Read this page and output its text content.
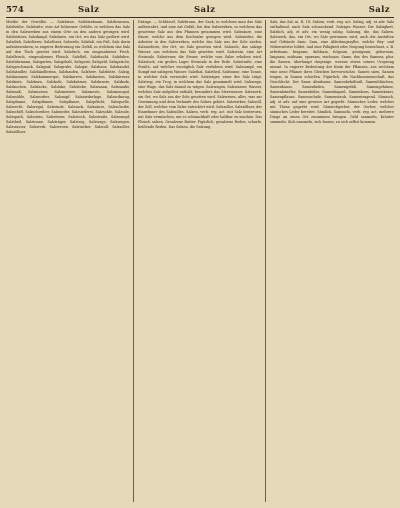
574	Salz	Salz	Salz
Miethe der Gewölbe. — Salzbirne, Salzbirnbaum, Salzbrunnen, Salzbrühe, Salzbutte, eine Art hölzerner Gefäße, in welchen das Salz in den Salzwerken aus einem Orte an den andern getragen wird. Salzbüttner, Salzdampf, Salzdarre, ein Ort, wo das Salz gedörrt wird. Salzdieb, Salzdörrer, Salzdünst, Salzerde, Salzfaß, ein Faß, Salz darin aufzubewahren; in engerer Bedeutung ein Gefäß, in welchem das Salz auf den Tisch gesetzt wird. Salzfisch, ein eingesalzener Fisch. Salzfleisch, eingesalzenes Fleisch. Salzfluß, Salzfracht, Salzfuhre, Salzfuhrmann, Salzgarten, Salzgehalt, Salzgeist, Salzgeld, Salzgericht, Salzgeschmack, Salzgraf, Salzgrube, Salzgut, Salzhaus, Salzhandel, Salzhändler, Salzhändlerinn, Salzhaufen, Salzherr, Salzhütte, Salzig, Salzkammer, Salzkammergut, Salzkarren, Salzkasten, Salzkärrner, Salzkiste, Salzkorn, Salzkoth, Salzkrämer, Salzkruste, Salzkufe, Salzkuchen, Salzlacke, Salzlake, Salzlecke, Salzmann, Salzmarkt, Salzmaß, Salzmesser, Salzmeister, Salzmeste, Salzmonopol, Salzmühle, Salzmutter, Salznapf, Salzniederlage, Salzordnung, Salzpfanne, Salzpfänner, Salzpflanze, Salzpflicht, Salzquelle, Salzrecht, Salzregal, Salzrinde, Salzsack, Salzsäure, Salzscheibe, Salzschiff, Salzschreiber, Salzsieder, Salzsiederei, Salzsohle, Salzsole, Salzspath, Salzstein, Salzsteuer, Salzstock, Salzstraße, Salzsumpf, Salztheil, Salztonne, Salzträger, Salztrog, Salzwage, Salzwagen, Salzwasser, Salzwerk, Salzwesen, Salzwirker, Salzzoll, Salzzoller, Salzzöllner.
Dränge. — Schlüssel, Salzbrunn, der Sack, in welchem man das Salz aufbewahrt, und eine Art Gefäß, bei den Salzwerken, in welchem das gesottene Salz aus den Pfannen genommen wird. Salzsäure, eine Säure, welche aus dem Kochsalze gezogen wird. Salzsieder, die Arbeiter in den Salzwerken, welche das Salz aus der Sole sieden. Salzsiederei, der Ort, wo Salz gesotten wird. Salzsole, das salzige Wasser, aus welchem das Salz gesotten wird. Salzstein, eine Art Steinsalz. Salzsteuer, die Steuer, welche vom Salze erhoben wird. Salzstock, ein großes Lager Steinsalz in der Erde. Salzstraße, eine Straße, auf welcher vorzüglich Salz verfahren wird. Salzsumpf, ein Sumpf mit salzigem Wasser. Salzthal, Salztheil, Salztonne, eine Tonne, in welcher Salz versendet wird. Salzträger, einer der Salz trägt. Salztrog, ein Trog, in welchem das Salz gesammelt wird. Salzwage, eine Wage, das Salz darauf zu wägen. Salzwagen, Salzwasser, Wasser, welches Salz aufgelöst enthält; besonders das Meerwasser. Salzwerk, ein Ort, wo Salz aus der Sole gesotten wird. Salzwesen, alles, was zur Gewinnung und dem Verkaufe des Salzes gehört. Salzwirker, Salzzoll, der Zoll, welcher vom Salze entrichtet wird. Salzzoller, Salzzöllner, der Einnehmer des Salzzolles. Salzen, verb. reg. act. mit Salz bestreuen, mit Salz vermischen, um es schmackhaft oder haltbar zu machen. Das Fleisch salzen. Gesalzene Butter. Figürlich, gesalzene Reden, scharfe, beißende Reden. Das Salzen, die Salzung.
Salz, das Sal, m. R. 18. Salzen, verb. reg. act. Salzig, adj. et adv. Salz enthaltend, nach Salz schmeckend. Salziges Wasser. Die Salzigkeit. Salzlich, adj. et adv. ein wenig salzig. Salzung, die, das Salzen. Salzwerk, das, ein Ort, wo Salz gewonnen wird; auch die Anstalten und Gebäude dazu. Sam, eine Ableitungssylbe, welche Bey- und Nebenwörter bildet, und eine Fähigkeit oder Neigung bezeichnet, z. B. arbeitsam, biegsam, duldsam, folgsam, genügsam, gehorsam, langsam, mühsam, sparsam, wachsam. Same, der, des Samens, plur. die Samen, überhaupt dasjenige, woraus etwas seinen Ursprung nimmt. In engerer Bedeutung der Keim der Pflanzen, aus welchem eine neue Pflanze ihres Gleichen hervorwächst. Samen säen, Samen tragen, in Samen schießen. Figürlich, die Nachkommenschaft, das Geschlecht. Der Same Abrahams. Samenbehältniß, Samenbläschen, Samenbaum, Samenfaden, Samengefäß, Samengehäuse, Samenhändler, Samenhülse, Samenkapsel, Samenkorn, Samenkraut, Samenpflanze, Samenschule, Samenstaub, Samentragend. Sämisch, adj. et adv. auf eine gewisse Art gegerbt. Sämisches Leder, welches mit Thran gegerbt wird. Sämischgerber, der Gerber, welcher sämisches Leder bereitet. Sämlich, Sammeln, verb. reg. act. mehrere Dinge an einen Ort zusammen bringen. Geld sammeln, Kräuter sammeln. Sich sammeln, sich fassen, zu sich selbst kommen.
